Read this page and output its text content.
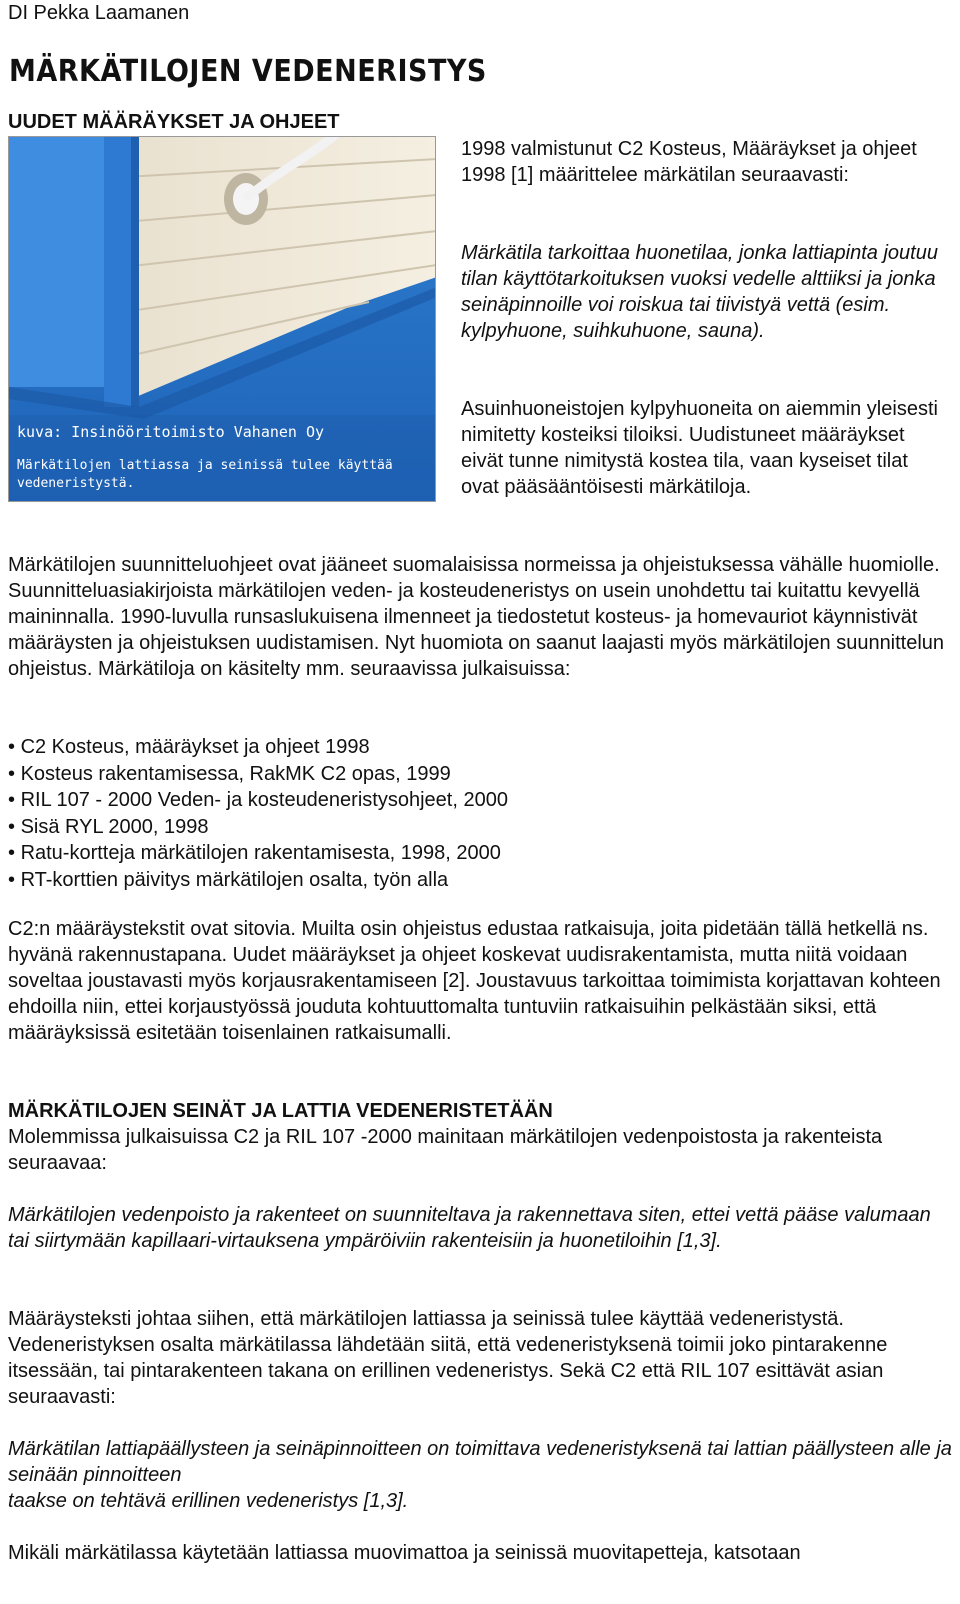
DI Pekka Laamanen
MÄRKÄTILOJEN VEDENERISTYS
UUDET MÄÄRÄYKSET JA OHJEET
kuva: Insinööritoimisto Vahanen Oy
Märkätilojen lattiassa ja seinissä tulee käyttää
vedeneristystä.
1998 valmistunut C2 Kosteus, Määräykset ja ohjeet 1998 [1] määrittelee märkätilan seuraavasti:
Märkätila tarkoittaa huonetilaa, jonka lattiapinta joutuu tilan käyttötarkoituksen vuoksi vedelle alttiiksi ja jonka seinäpinnoille voi roiskua tai tiivistyä vettä (esim. kylpyhuone, suihkuhuone, sauna).
Asuinhuoneistojen kylpyhuoneita on aiemmin yleisesti nimitetty kosteiksi tiloiksi. Uudistuneet määräykset eivät tunne nimitystä kostea tila, vaan kyseiset tilat ovat pääsääntöisesti märkätiloja.
Märkätilojen suunnitteluohjeet ovat jääneet suomalaisissa normeissa ja ohjeistuksessa vähälle huomiolle. Suunnitteluasiakirjoista märkätilojen veden- ja kosteudeneristys on usein unohdettu tai kuitattu kevyellä maininnalla. 1990-luvulla runsaslukuisena ilmenneet ja tiedostetut kosteus- ja homevauriot käynnistivät määräysten ja ohjeistuksen uudistamisen. Nyt huomiota on saanut laajasti myös märkätilojen suunnittelun ohjeistus. Märkätiloja on käsitelty mm. seuraavissa julkaisuissa:
• C2 Kosteus, määräykset ja ohjeet 1998
• Kosteus rakentamisessa, RakMK C2 opas, 1999
• RIL 107 - 2000 Veden- ja kosteudeneristysohjeet, 2000
• Sisä RYL 2000, 1998
• Ratu-kortteja märkätilojen rakentamisesta, 1998, 2000
• RT-korttien päivitys märkätilojen osalta, työn alla
C2:n määräystekstit ovat sitovia. Muilta osin ohjeistus edustaa ratkaisuja, joita pidetään tällä hetkellä ns. hyvänä rakennustapana. Uudet määräykset ja ohjeet koskevat uudisrakentamista, mutta niitä voidaan soveltaa joustavasti myös korjausrakentamiseen [2]. Joustavuus tarkoittaa toimimista korjattavan kohteen ehdoilla niin, ettei korjaustyössä jouduta kohtuuttomalta tuntuviin ratkaisuihin pelkästään siksi, että määräyksissä esitetään toisenlainen ratkaisumalli.
MÄRKÄTILOJEN SEINÄT JA LATTIA VEDENERISTETÄÄN
Molemmissa julkaisuissa C2 ja RIL 107 -2000 mainitaan märkätilojen vedenpoistosta ja rakenteista seuraavaa:
Märkätilojen vedenpoisto ja rakenteet on suunniteltava ja rakennettava siten, ettei vettä pääse valumaan tai siirtymään kapillaari-virtauksena ympäröiviin rakenteisiin ja huonetiloihin [1,3].
Määräysteksti johtaa siihen, että märkätilojen lattiassa ja seinissä tulee käyttää vedeneristystä. Vedeneristyksen osalta märkätilassa lähdetään siitä, että vedeneristyksenä toimii joko pintarakenne itsessään, tai pintarakenteen takana on erillinen vedeneristys. Sekä C2 että RIL 107 esittävät asian seuraavasti:
Märkätilan lattiapäällysteen ja seinäpinnoitteen on toimittava vedeneristyksenä tai lattian päällysteen alle ja seinään pinnoitteen
taakse on tehtävä erillinen vedeneristys [1,3].
Mikäli märkätilassa käytetään lattiassa muovimattoa ja seinissä muovitapetteja, katsotaan
